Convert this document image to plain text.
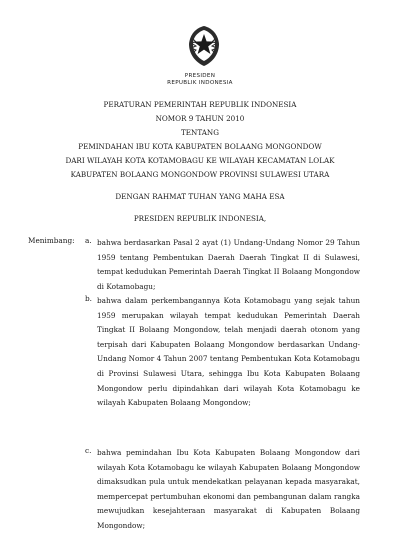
PRESIDEN
REPUBLIK INDONESIA
PERATURAN PEMERINTAH REPUBLIK INDONESIA
NOMOR 9 TAHUN 2010
TENTANG
PEMINDAHAN IBU KOTA KABUPATEN BOLAANG MONGONDOW
DARI WILAYAH KOTA KOTAMOBAGU KE WILAYAH KECAMATAN LOLAK
KABUPATEN BOLAANG MONGONDOW PROVINSI SULAWESI UTARA
DENGAN RAHMAT TUHAN YANG MAHA ESA
PRESIDEN REPUBLIK INDONESIA,
Menimbang: a. bahwa berdasarkan Pasal 2 ayat (1) Undang-Undang Nomor 29 Tahun 1959 tentang Pembentukan Daerah Daerah Tingkat II di Sulawesi, tempat kedudukan Pemerintah Daerah Tingkat II Bolaang Mongondow di Kotamobagu;
b. bahwa dalam perkembangannya Kota Kotamobagu yang sejak tahun 1959 merupakan wilayah tempat kedudukan Pemerintah Daerah Tingkat II Bolaang Mongondow, telah menjadi daerah otonom yang terpisah dari Kabupaten Bolaang Mongondow berdasarkan Undang-Undang Nomor 4 Tahun 2007 tentang Pembentukan Kota Kotamobagu di Provinsi Sulawesi Utara, sehingga Ibu Kota Kabupaten Bolaang Mongondow perlu dipindahkan dari wilayah Kota Kotamobagu ke wilayah Kabupaten Bolaang Mongondow;
c. bahwa pemindahan Ibu Kota Kabupaten Bolaang Mongondow dari wilayah Kota Kotamobagu ke wilayah Kabupaten Bolaang Mongondow dimaksudkan pula untuk mendekatkan pelayanan kepada masyarakat, mempercepat pertumbuhan ekonomi dan pembangunan dalam rangka mewujudkan kesejahteraan masyarakat di Kabupaten Bolaang Mongondow;
